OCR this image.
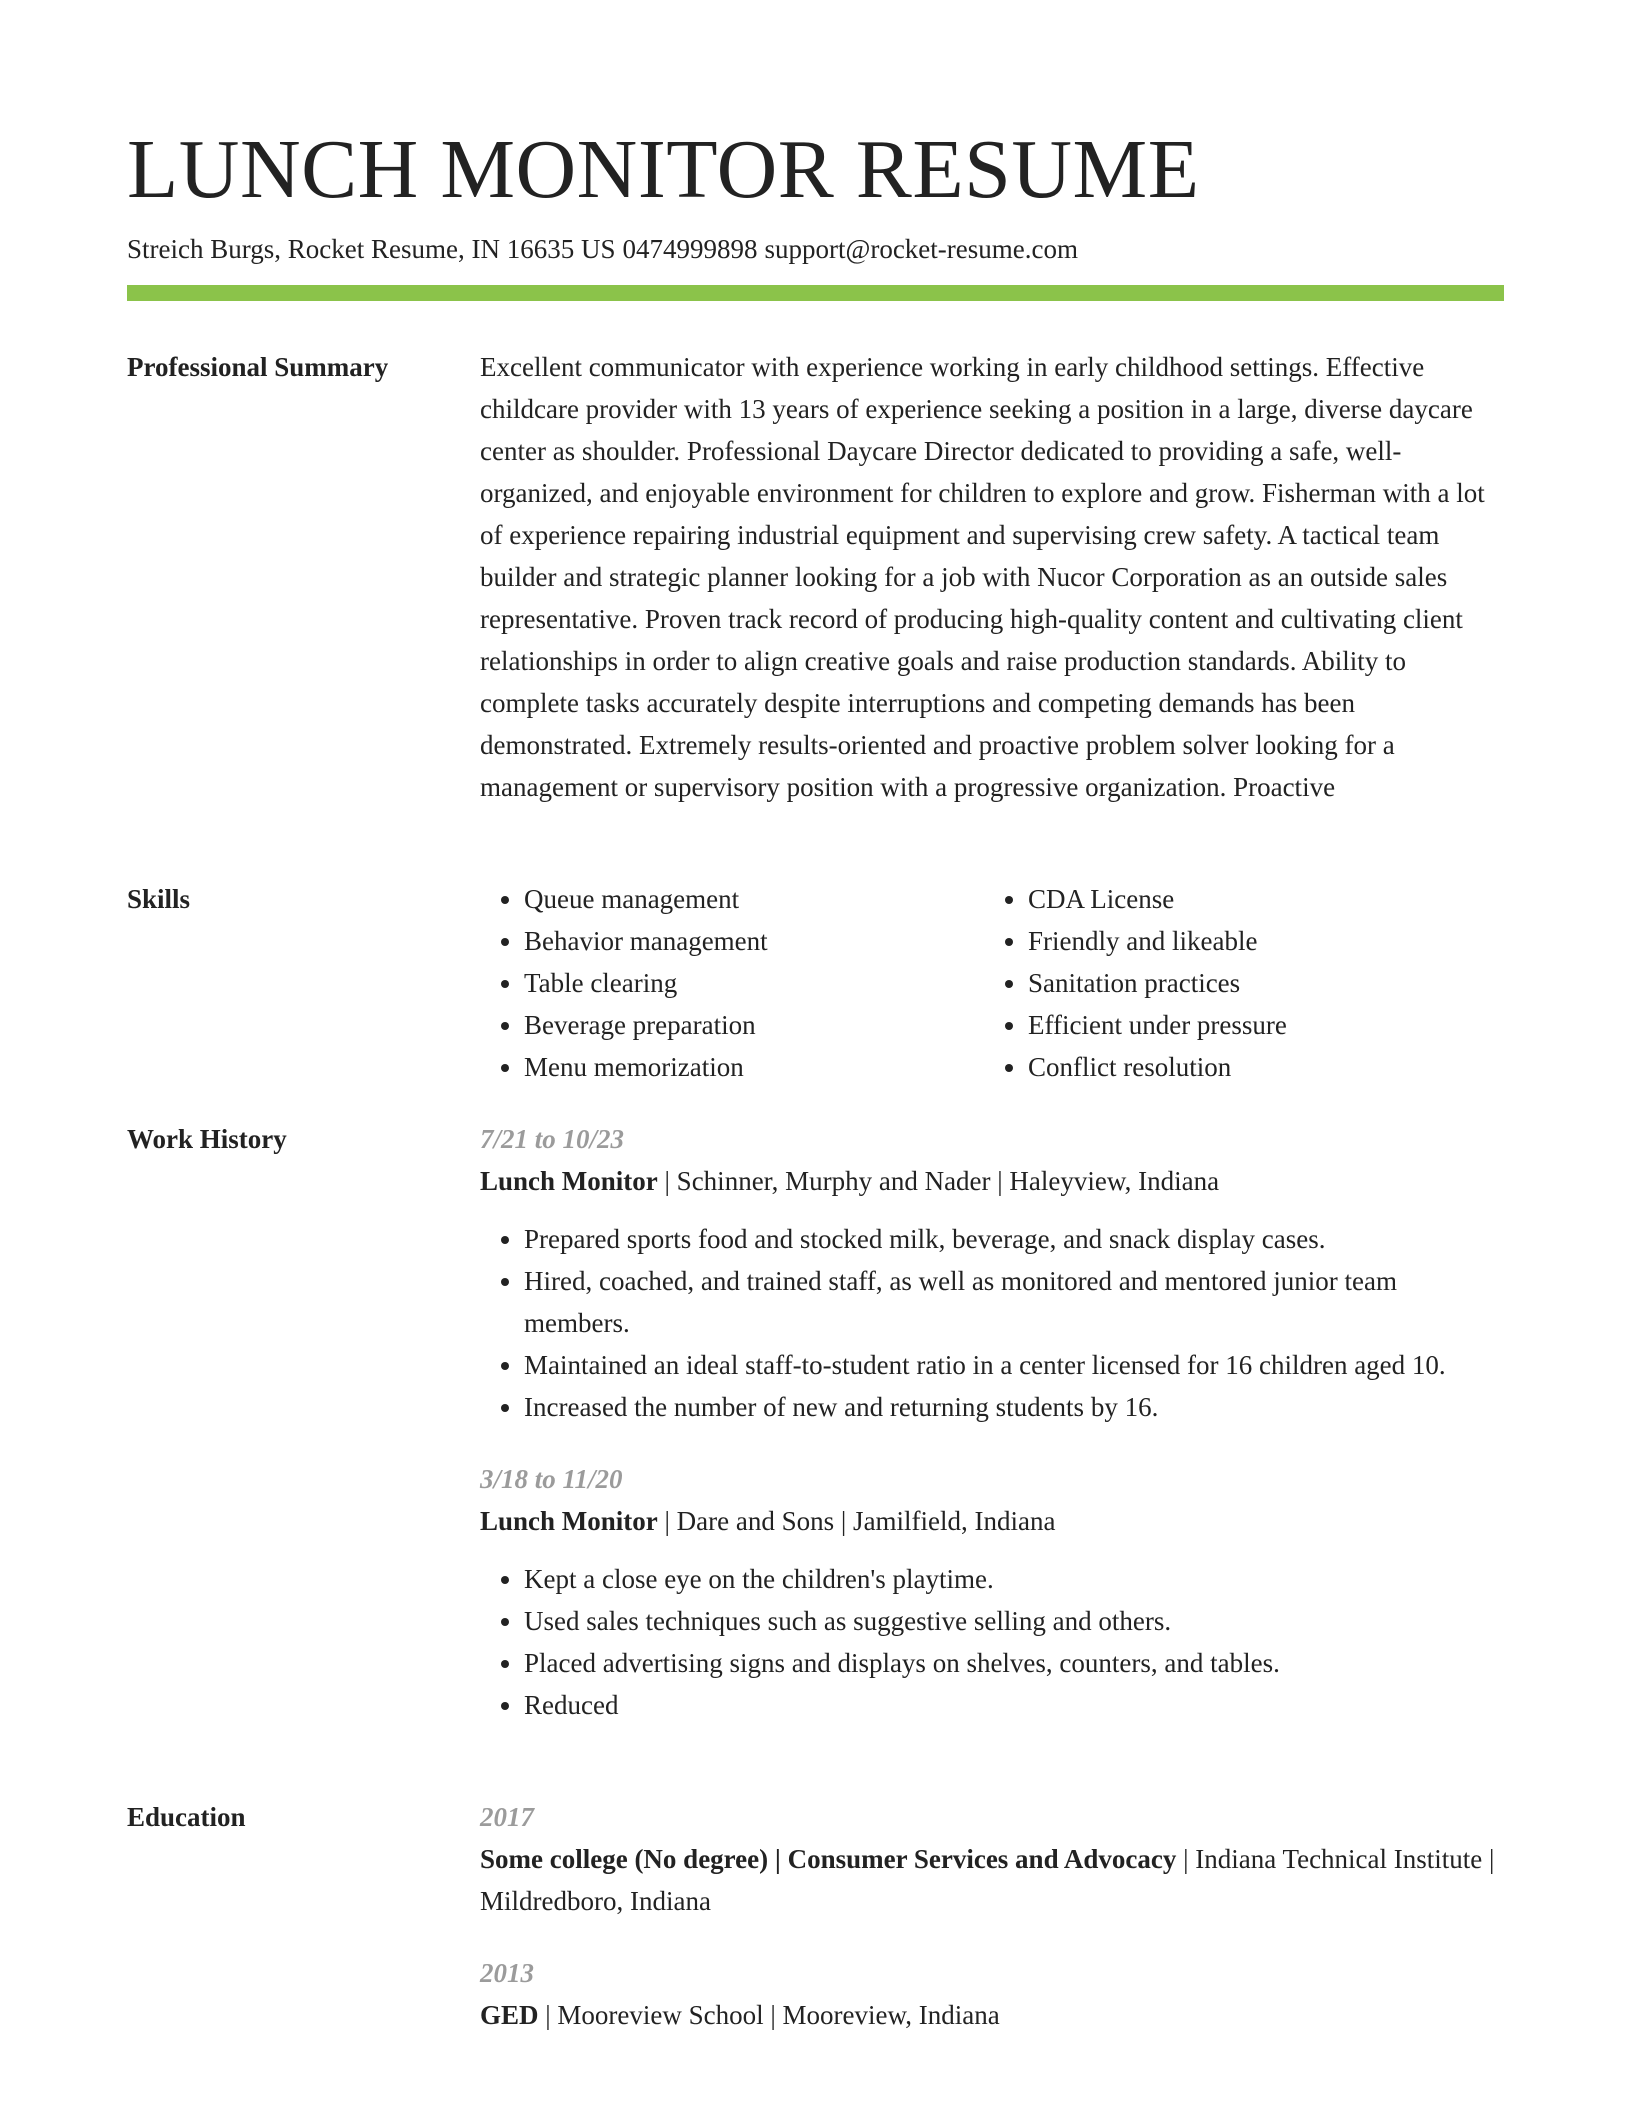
LUNCH MONITOR RESUME
Streich Burgs, Rocket Resume, IN 16635 US 0474999898 support@rocket-resume.com
Professional Summary	Excellent communicator with experience working in early childhood settings. Effective childcare provider with 13 years of experience seeking a position in a large, diverse daycare center as shoulder. Professional Daycare Director dedicated to providing a safe, well-organized, and enjoyable environment for children to explore and grow. Fisherman with a lot of experience repairing industrial equipment and supervising crew safety. A tactical team builder and strategic planner looking for a job with Nucor Corporation as an outside sales representative. Proven track record of producing high-quality content and cultivating client relationships in order to align creative goals and raise production standards. Ability to complete tasks accurately despite interruptions and competing demands has been demonstrated. Extremely results-oriented and proactive problem solver looking for a management or supervisory position with a progressive organization. Proactive

Skills
•	Queue management
• Behavior management
• Table clearing
• Beverage preparation
• Menu memorization
• CDA License
• Friendly and likeable
• Sanitation practices
• Efficient under pressure
• Conflict resolution
Work History	7/21 to 10/23
Lunch Monitor | Schinner, Murphy and Nader | Haleyview, Indiana
• Prepared sports food and stocked milk, beverage, and snack display cases.
• Hired, coached, and trained staff, as well as monitored and mentored junior team members.
• Maintained an ideal staff-to-student ratio in a center licensed for 16 children aged 10.
• Increased the number of new and returning students by 16.
3/18 to 11/20
Lunch Monitor | Dare and Sons | Jamilfield, Indiana
• Kept a close eye on the children's playtime.
• Used sales techniques such as suggestive selling and others.
• Placed advertising signs and displays on shelves, counters, and tables.
• Reduced
Education	2017
Some college (No degree) | Consumer Services and Advocacy | Indiana Technical Institute | Mildredboro, Indiana
2013
GED | Mooreview School | Mooreview, Indiana
